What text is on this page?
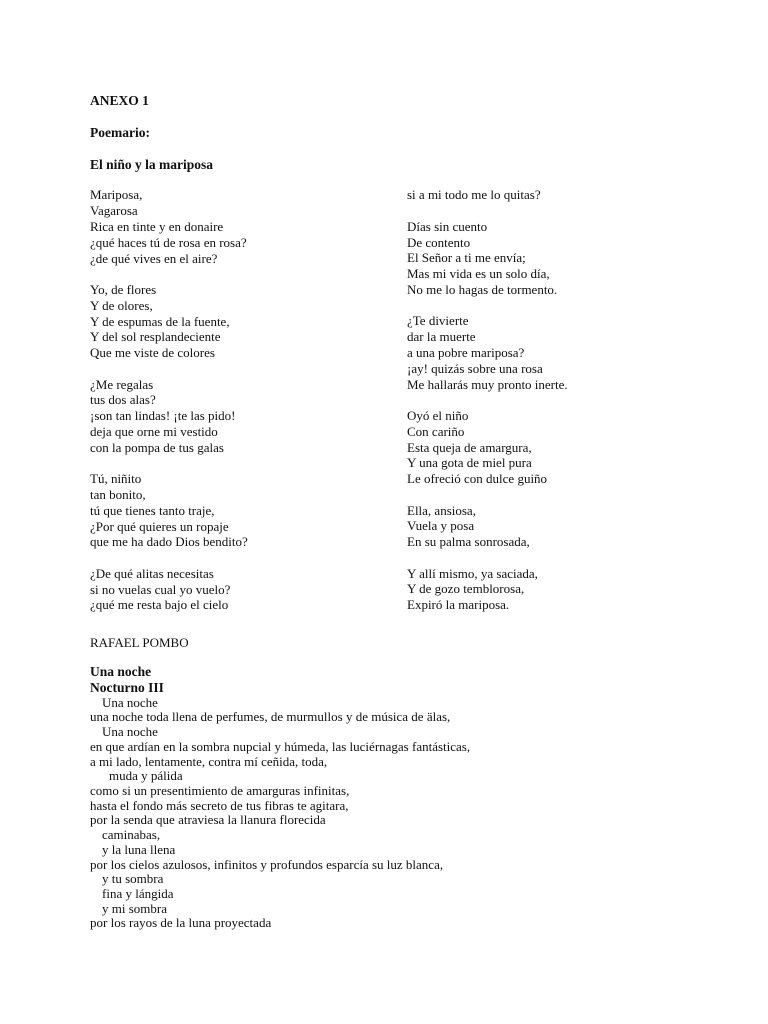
ANEXO 1
Poemario:
El niño y la mariposa
Mariposa,
Vagarosa
Rica en tinte y en donaire
¿qué haces tú de rosa en rosa?
¿de qué vives en el aire?
Yo, de flores
Y de olores,
Y de espumas de la fuente,
Y del sol resplandeciente
Que me viste de colores
¿Me regalas
tus dos alas?
¡son tan lindas! ¡te las pido!
deja que orne mi vestido
con la pompa de tus galas
Tú, niñito
tan bonito,
tú que tienes tanto traje,
¿Por qué quieres un ropaje
que me ha dado Dios bendito?
¿De qué alitas necesitas
si no vuelas cual yo vuelo?
¿qué me resta bajo el cielo
si a mi todo me lo quitas?
Días sin cuento
De contento
El Señor a ti me envía;
Mas mi vida es un solo día,
No me lo hagas de tormento.
¿Te divierte
dar la muerte
a una pobre mariposa?
¡ay! quizás sobre una rosa
Me hallarás muy pronto inerte.
Oyó el niño
Con cariño
Esta queja de amargura,
Y una gota de miel pura
Le ofreció con dulce guiño
Ella, ansiosa,
Vuela y posa
En su palma sonrosada,
Y allí mismo, ya saciada,
Y de gozo temblorosa,
Expiró la mariposa.
RAFAEL POMBO
Una noche
Nocturno III
Una noche
una noche toda llena de perfumes, de murmullos y de música de älas,
Una noche
en que ardían en la sombra nupcial y húmeda, las luciérnagas fantásticas,
a mi lado, lentamente, contra mí ceñida, toda,
muda y pálida
como si un presentimiento de amarguras infinitas,
hasta el fondo más secreto de tus fibras te agitara,
por la senda que atraviesa la llanura florecida
caminabas,
y la luna llena
por los cielos azulosos, infinitos y profundos esparcía su luz blanca,
y tu sombra
fina y lángida
y mi sombra
por los rayos de la luna proyectada
